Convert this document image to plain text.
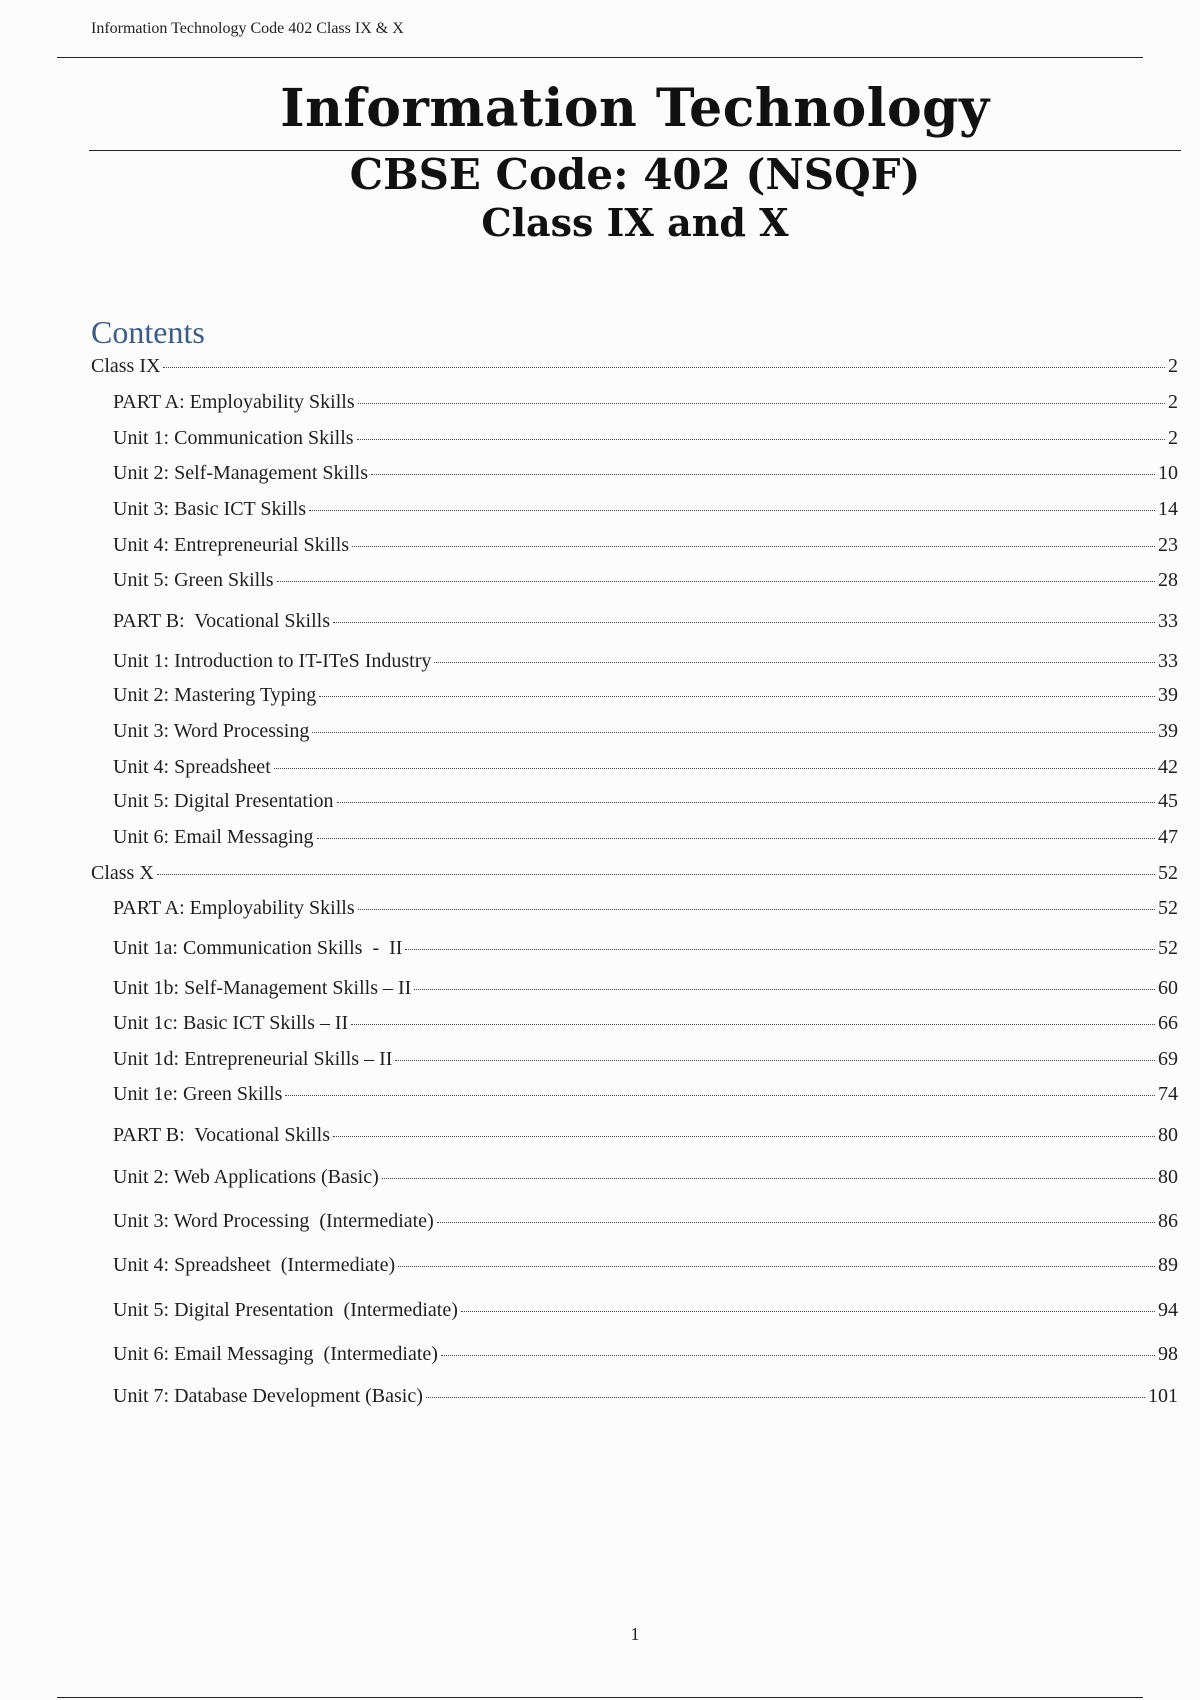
Information Technology Code 402 Class IX & X
Information Technology
CBSE Code: 402 (NSQF)
Class IX and X
Contents
Class IX	2
PART A: Employability Skills	2
Unit 1: Communication Skills	2
Unit 2: Self-Management Skills	10
Unit 3: Basic ICT Skills	14
Unit 4: Entrepreneurial Skills	23
Unit 5: Green Skills	28
PART B:  Vocational Skills	33
Unit 1: Introduction to IT-ITeS Industry	33
Unit 2: Mastering Typing	39
Unit 3: Word Processing	39
Unit 4: Spreadsheet	42
Unit 5: Digital Presentation	45
Unit 6: Email Messaging	47
Class X	52
PART A: Employability Skills	52
Unit 1a: Communication Skills  -  II	52
Unit 1b: Self-Management Skills – II	60
Unit 1c: Basic ICT Skills – II	66
Unit 1d: Entrepreneurial Skills – II	69
Unit 1e: Green Skills	74
PART B:  Vocational Skills	80
Unit 2: Web Applications (Basic)	80
Unit 3: Word Processing  (Intermediate)	86
Unit 4: Spreadsheet  (Intermediate)	89
Unit 5: Digital Presentation  (Intermediate)	94
Unit 6: Email Messaging  (Intermediate)	98
Unit 7: Database Development (Basic)	101
1
